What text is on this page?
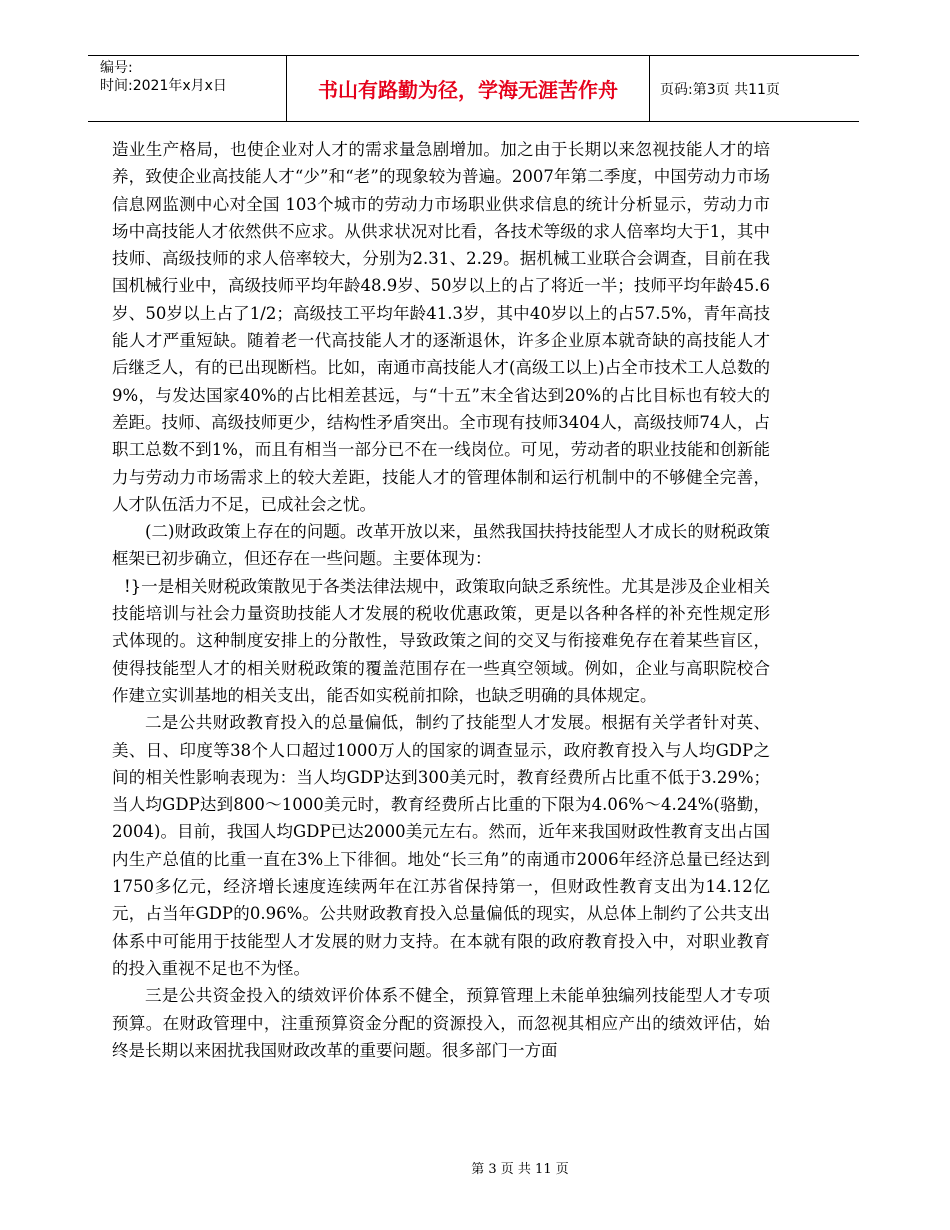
编号:
时间:2021年x月x日	书山有路勤为径，学海无涯苦作舟	页码:第3页 共11页

造业生产格局，也使企业对人才的需求量急剧增加。加之由于长期以来忽视技能人才的培养，致使企业高技能人才“少”和“老”的现象较为普遍。2007年第二季度，中国劳动力市场信息网监测中心对全国 103个城市的劳动力市场职业供求信息的统计分析显示，劳动力市场中高技能人才依然供不应求。从供求状况对比看，各技术等级的求人倍率均大于1，其中技师、高级技师的求人倍率较大，分别为2.31、2.29。据机械工业联合会调查，目前在我国机械行业中，高级技师平均年龄48.9岁、50岁以上的占了将近一半；技师平均年龄45.6岁、50岁以上占了1/2；高级技工平均年龄41.3岁，其中40岁以上的占57.5%，青年高技能人才严重短缺。随着老一代高技能人才的逐渐退休，许多企业原本就奇缺的高技能人才后继乏人，有的已出现断档。比如，南通市高技能人才(高级工以上)占全市技术工人总数的9%，与发达国家40%的占比相差甚远，与“十五”末全省达到20%的占比目标也有较大的差距。技师、高级技师更少，结构性矛盾突出。全市现有技师3404人，高级技师74人，占职工总数不到1%，而且有相当一部分已不在一线岗位。可见，劳动者的职业技能和创新能力与劳动力市场需求上的较大差距，技能人才的管理体制和运行机制中的不够健全完善，人才队伍活力不足，已成社会之忧。

(二)财政政策上存在的问题。改革开放以来，虽然我国扶持技能型人才成长的财税政策框架已初步确立，但还存在一些问题。主要体现为：

!}一是相关财税政策散见于各类法律法规中，政策取向缺乏系统性。尤其是涉及企业相关技能培训与社会力量资助技能人才发展的税收优惠政策，更是以各种各样的补充性规定形式体现的。这种制度安排上的分散性，导致政策之间的交叉与衔接难免存在着某些盲区，使得技能型人才的相关财税政策的覆盖范围存在一些真空领域。例如，企业与高职院校合作建立实训基地的相关支出，能否如实税前扣除，也缺乏明确的具体规定。

二是公共财政教育投入的总量偏低，制约了技能型人才发展。根据有关学者针对英、美、日、印度等38个人口超过1000万人的国家的调查显示，政府教育投入与人均GDP之间的相关性影响表现为：当人均GDP达到300美元时，教育经费所占比重不低于3.29%；当人均GDP达到800～1000美元时，教育经费所占比重的下限为4.06%～4.24%(骆勤，2004)。目前，我国人均GDP已达2000美元左右。然而，近年来我国财政性教育支出占国内生产总值的比重一直在3%上下徘徊。地处“长三角”的南通市2006年经济总量已经达到1750多亿元，经济增长速度连续两年在江苏省保持第一，但财政性教育支出为14.12亿元，占当年GDP的0.96%。公共财政教育投入总量偏低的现实，从总体上制约了公共支出体系中可能用于技能型人才发展的财力支持。在本就有限的政府教育投入中，对职业教育的投入重视不足也不为怪。

三是公共资金投入的绩效评价体系不健全，预算管理上未能单独编列技能型人才专项预算。在财政管理中，注重预算资金分配的资源投入，而忽视其相应产出的绩效评估，始终是长期以来困扰我国财政改革的重要问题。很多部门一方面

第 3 页 共 11 页
